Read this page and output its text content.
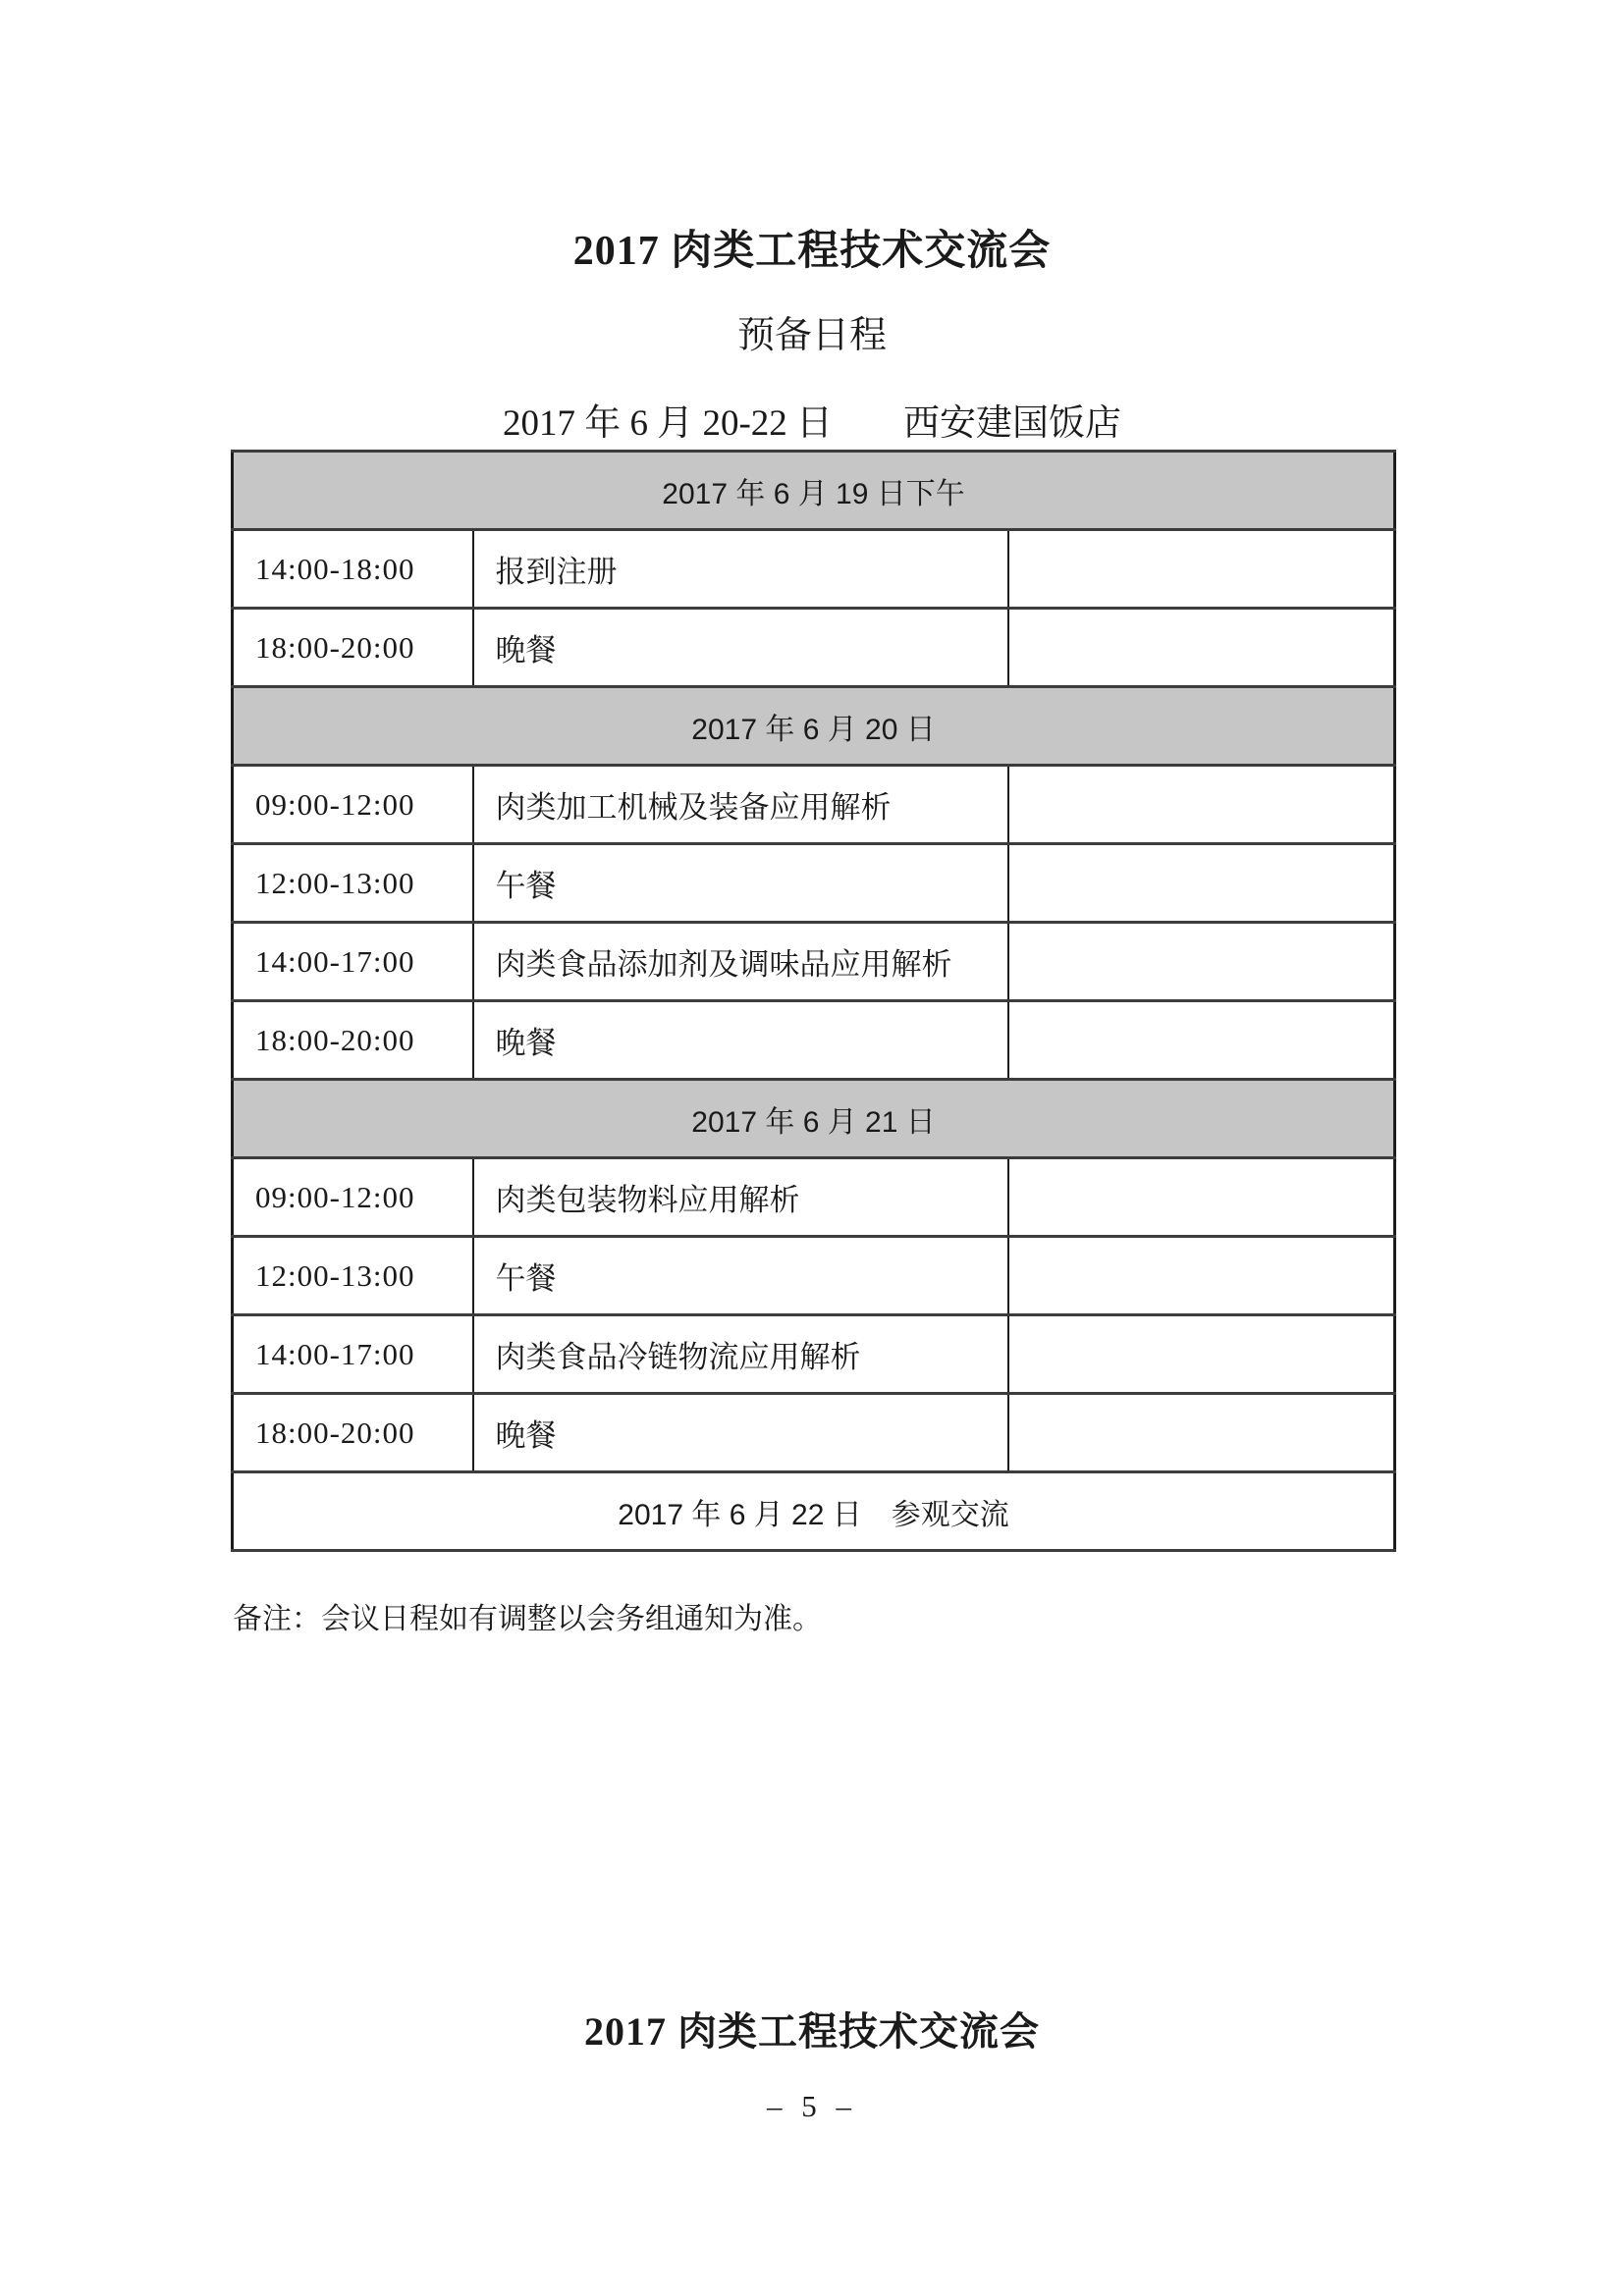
2017 肉类工程技术交流会
预备日程
2017 年 6 月 20-22 日 西安建国饭店
2017 年 6 月 19 日下午		
14:00-18:00	报到注册	
18:00-20:00	晚餐	
2017 年 6 月 20 日		
09:00-12:00	肉类加工机械及装备应用解析	
12:00-13:00	午餐	
14:00-17:00	肉类食品添加剂及调味品应用解析	
18:00-20:00	晚餐	
2017 年 6 月 21 日		
09:00-12:00	肉类包装物料应用解析	
12:00-13:00	午餐	
14:00-17:00	肉类食品冷链物流应用解析	
18:00-20:00	晚餐	
2017 年 6 月 22 日　参观交流		
备注：会议日程如有调整以会务组通知为准。
2017 肉类工程技术交流会
– 5 –
